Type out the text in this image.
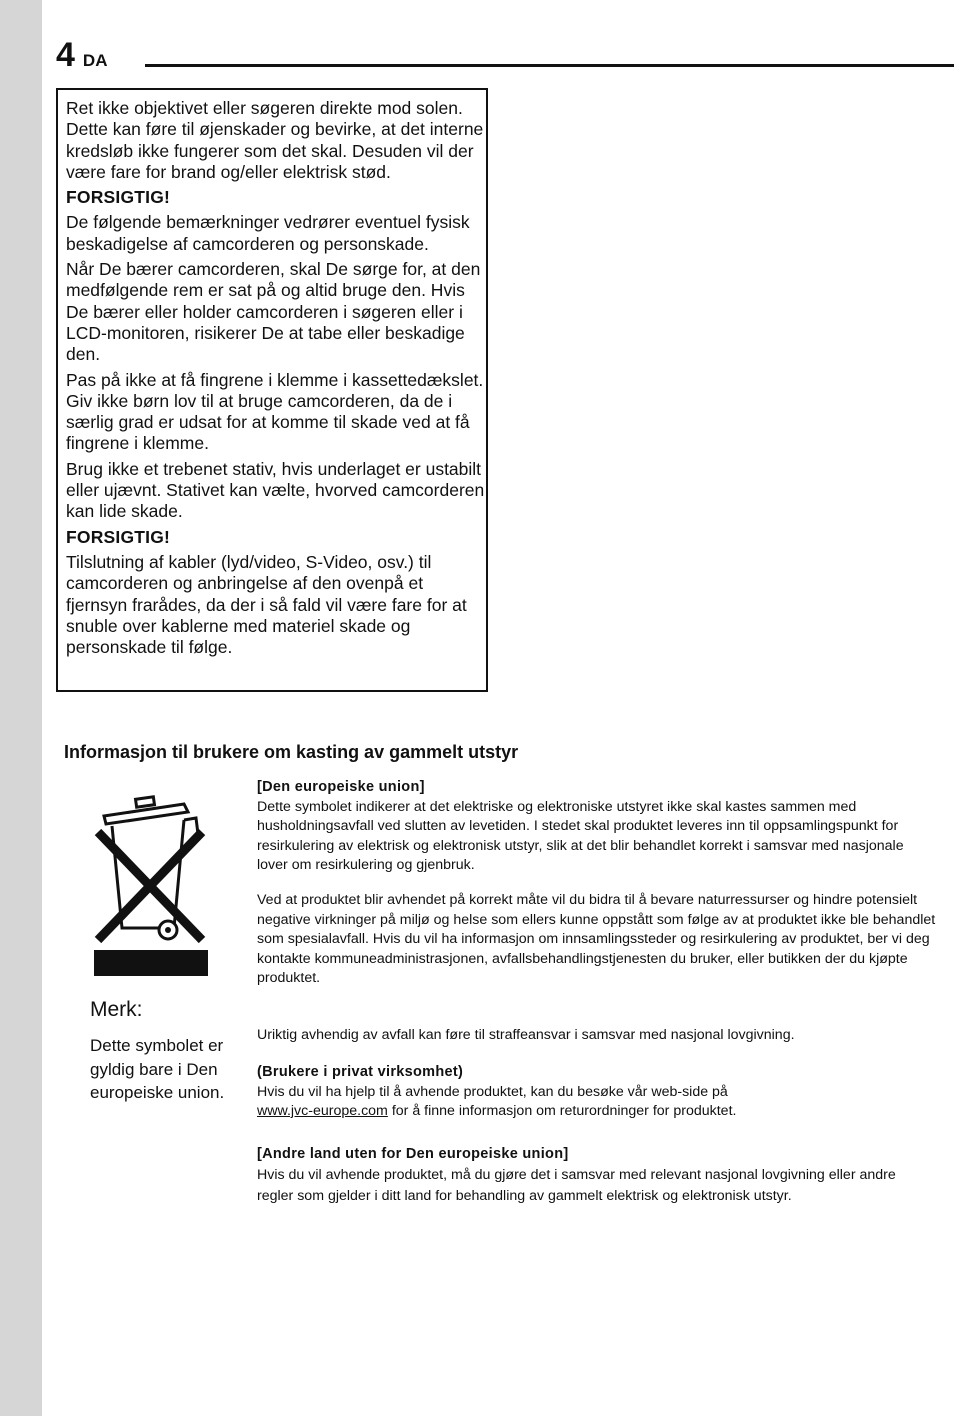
4 DA

Ret ikke objektivet eller søgeren direkte mod solen. Dette kan føre til øjenskader og bevirke, at det interne kredsløb ikke fungerer som det skal. Desuden vil der være fare for brand og/eller elektrisk stød.

FORSIGTIG!

De følgende bemærkninger vedrører eventuel fysisk beskadigelse af camcorderen og personskade.

Når De bærer camcorderen, skal De sørge for, at den medfølgende rem er sat på og altid bruge den. Hvis De bærer eller holder camcorderen i søgeren eller i LCD-monitoren, risikerer De at tabe eller beskadige den.

Pas på ikke at få fingrene i klemme i kassettedækslet. Giv ikke børn lov til at bruge camcorderen, da de i særlig grad er udsat for at komme til skade ved at få fingrene i klemme.

Brug ikke et trebenet stativ, hvis underlaget er ustabilt eller ujævnt. Stativet kan vælte, hvorved camcorderen kan lide skade.

FORSIGTIG!

Tilslutning af kabler (lyd/video, S-Video, osv.) til camcorderen og anbringelse af den ovenpå et fjernsyn frarådes, da der i så fald vil være fare for at snuble over kablerne med materiel skade og personskade til følge.

Informasjon til brukere om kasting av gammelt utstyr
Merk:
Dette symbolet er gyldig bare i Den europeiske union.
[Den europeiske union]

Dette symbolet indikerer at det elektriske og elektroniske utstyret ikke skal kastes sammen med husholdningsavfall ved slutten av levetiden. I stedet skal produktet leveres inn til oppsamlingspunkt for resirkulering av elektrisk og elektronisk utstyr, slik at det blir behandlet korrekt i samsvar med nasjonale lover om resirkulering og gjenbruk.

Ved at produktet blir avhendet på korrekt måte vil du bidra til å bevare naturressurser og hindre potensielt negative virkninger på miljø og helse som ellers kunne oppstått som følge av at produktet ikke ble behandlet som spesialavfall. Hvis du vil ha informasjon om innsamlingssteder og resirkulering av produktet, ber vi deg kontakte kommuneadministrasjonen, avfallsbehandlingstjenesten du bruker, eller butikken der du kjøpte produktet.

Uriktig avhendig av avfall kan føre til straffeansvar i samsvar med nasjonal lovgivning.

(Brukere i privat virksomhet)

Hvis du vil ha hjelp til å avhende produktet, kan du besøke vår web-side på
www.jvc-europe.com for å finne informasjon om returordninger for produktet.

[Andre land uten for Den europeiske union]

Hvis du vil avhende produktet, må du gjøre det i samsvar med relevant nasjonal lovgivning eller andre regler som gjelder i ditt land for behandling av gammelt elektrisk og elektronisk utstyr.
